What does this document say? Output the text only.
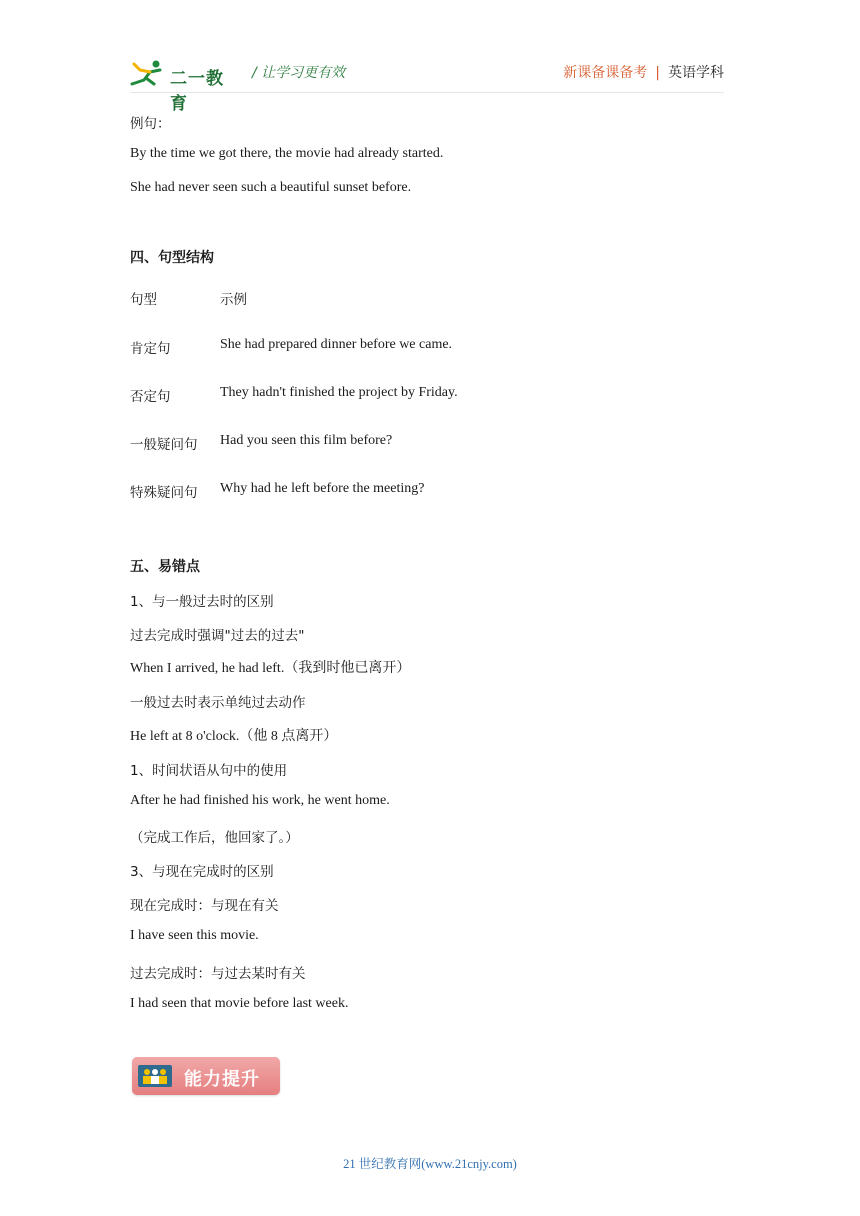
二一教育
/ 让学习更有效	新课备课备考 | 英语学科
例句：
By the time we got there, the movie had already started.
She had never seen such a beautiful sunset before.
四、句型结构
句型	示例
肯定句	She had prepared dinner before we came.
否定句	They hadn't finished the project by Friday.
一般疑问句 Had you seen this film before?
特殊疑问句 Why had he left before the meeting?
五、易错点
1、与一般过去时的区别
过去完成时强调"过去的过去"
When I arrived, he had left.（我到时他已离开）
一般过去时表示单纯过去动作
He left at 8 o'clock.（他 8 点离开）
1、时间状语从句中的使用
After he had finished his work, he went home.
（完成工作后，他回家了。）
3、与现在完成时的区别
现在完成时：与现在有关
I have seen this movie.
过去完成时：与过去某时有关
I had seen that movie before last week.
能力提升
21 世纪教育网(www.21cnjy.com)
